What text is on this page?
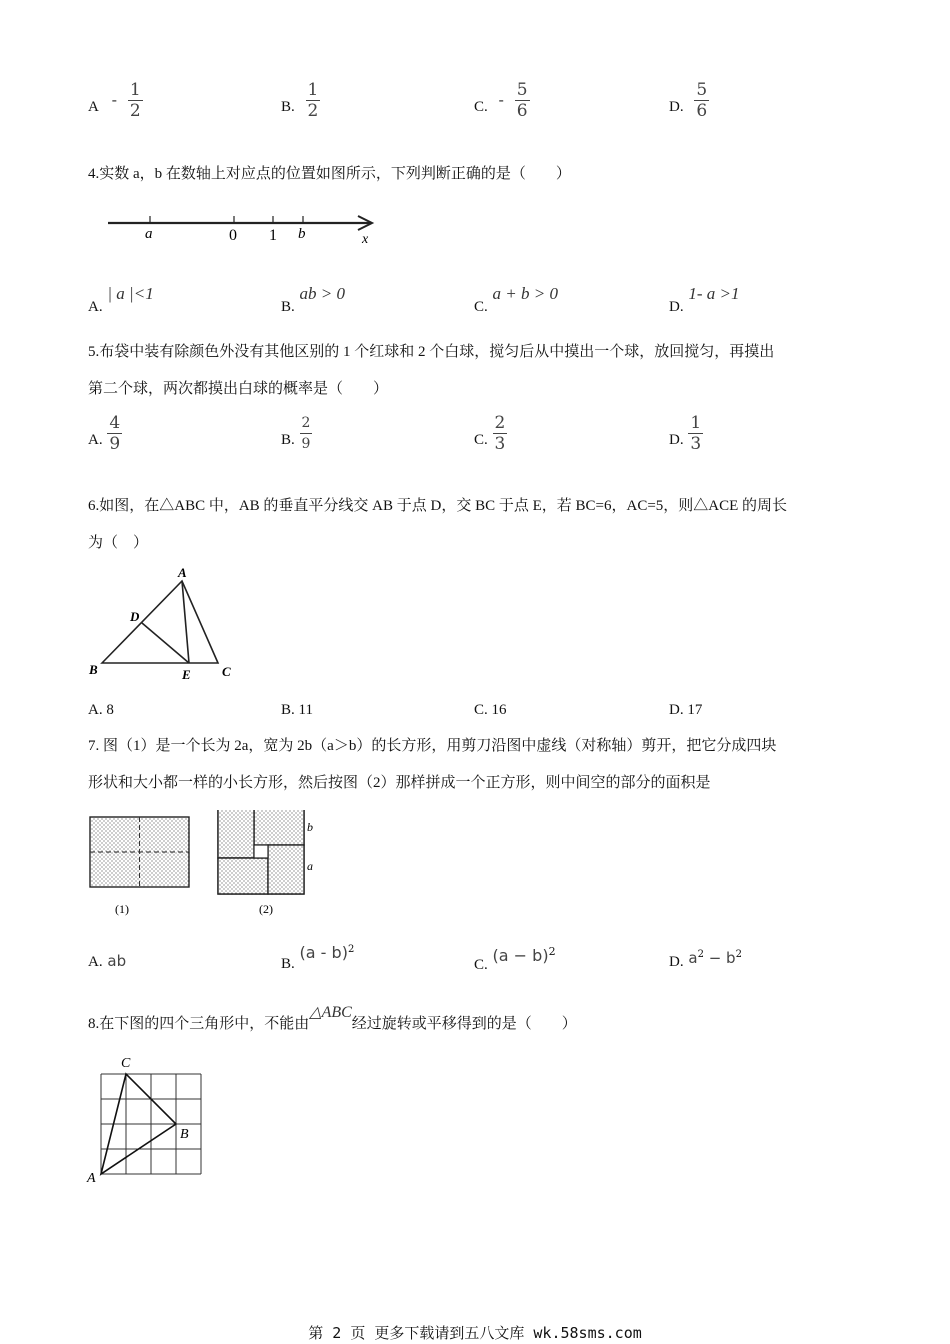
A - $\frac{1}{2}$	B. $\frac{1}{2}$	C. - $\frac{5}{6}$	D. $\frac{5}{6}$
4.实数 a，b 在数轴上对应点的位置如图所示，下列判断正确的是（　　）
a	0 1 b	x
A. | a |<1
B. ab > 0
C. a + b > 0
D. 1- a >1
5.布袋中装有除颜色外没有其他区别的 1 个红球和 2 个白球，搅匀后从中摸出一个球，放回搅匀，再摸出
第二个球，两次都摸出白球的概率是（　　）
A. $\frac{4}{9}$	B. $\frac{2}{9}$	C. $\frac{2}{3}$	D. $\frac{1}{3}$
6.如图，在△ABC 中，AB 的垂直平分线交 AB 于点 D，交 BC 于点 E，若 BC=6，AC=5，则△ACE 的周长
为（　）
A
B	C
D
E
A. 8	B. 11	C. 16	D. 17
7. 图（1）是一个长为 2a，宽为 2b（a＞b）的长方形，用剪刀沿图中虚线（对称轴）剪开，把它分成四块
形状和大小都一样的小长方形，然后按图（2）那样拼成一个正方形，则中间空的部分的面积是
(1)
b
a
(2)
A. ab	B. (a - b)$^2$
C. $(a - b)^2$
D. $a^2 - b^2$
8.在下图的四个三角形中，不能由△ABC经过旋转或平移得到的是（　　）
C
B
A
第 2 页 更多下载请到五八文库 wk.58sms.com
